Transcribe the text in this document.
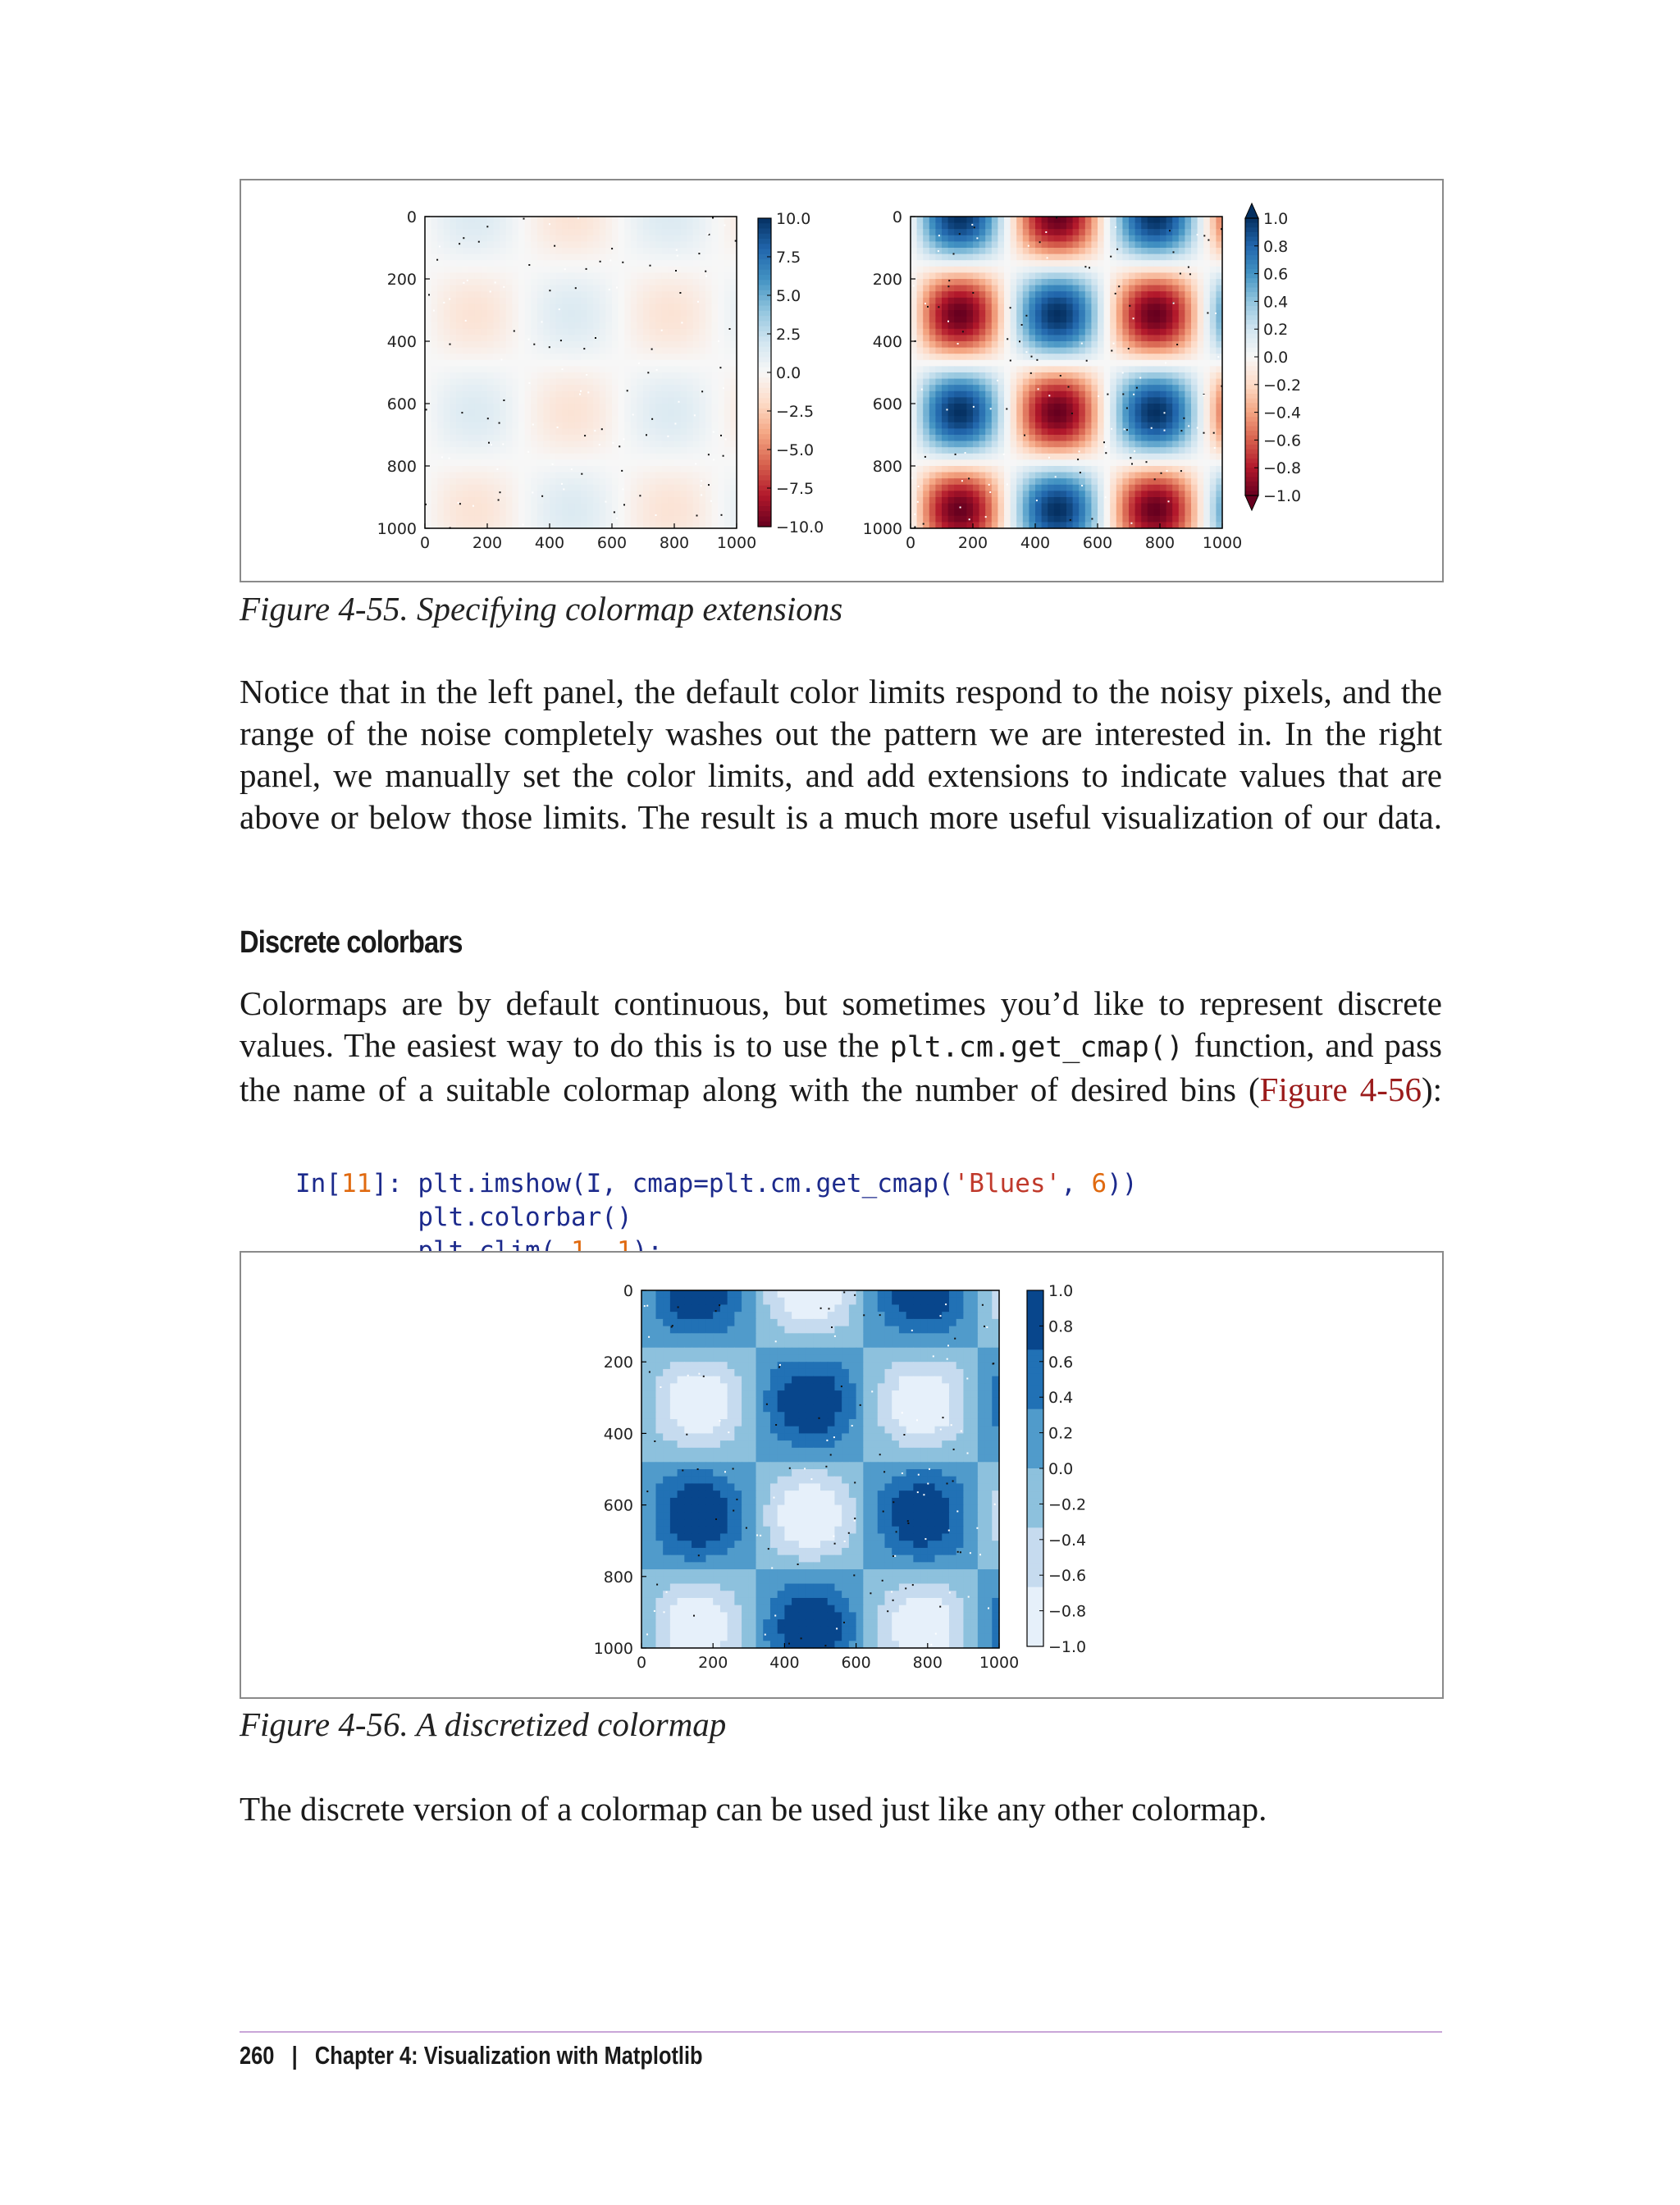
0	200 400 600 800 1000
0
200
400
600
800
1000
10.0
7.5
5.0
2.5
0.0
−2.5
−5.0
−7.5
−10.0
0	200 400 600 800 1000
0
200
400
600
800
1000
1.0
0.8
0.6
0.4
0.2
0.0
−0.2
−0.4
−0.6
−0.8
−1.0
Figure 4-55. Specifying colormap extensions
Notice that in the left panel, the default color limits respond to the noisy pixels, and the range of the noise completely washes out the pattern we are interested in. In the right panel, we manually set the color limits, and add extensions to indicate values that are above or below those limits. The result is a much more useful visualization of our data.
Discrete colorbars
Colormaps are by default continuous, but sometimes you’d like to represent discrete values. The easiest way to do this is to use the plt.cm.get_cmap() function, and pass the name of a suitable colormap along with the number of desired bins (Figure 4-56):

In[11]: plt.imshow(I, cmap=plt.cm.get_cmap('Blues', 6))
plt.colorbar()

0	200	400	600	800 1000
0
200
400
600
800
1000
1.0
0.8
0.6
0.4
0.2
0.0
−0.2
−0.4
−0.6
−0.8
−1.0
Figure 4-56. A discretized colormap
The discrete version of a colormap can be used just like any other colormap.
260 | Chapter 4: Visualization with Matplotlib
